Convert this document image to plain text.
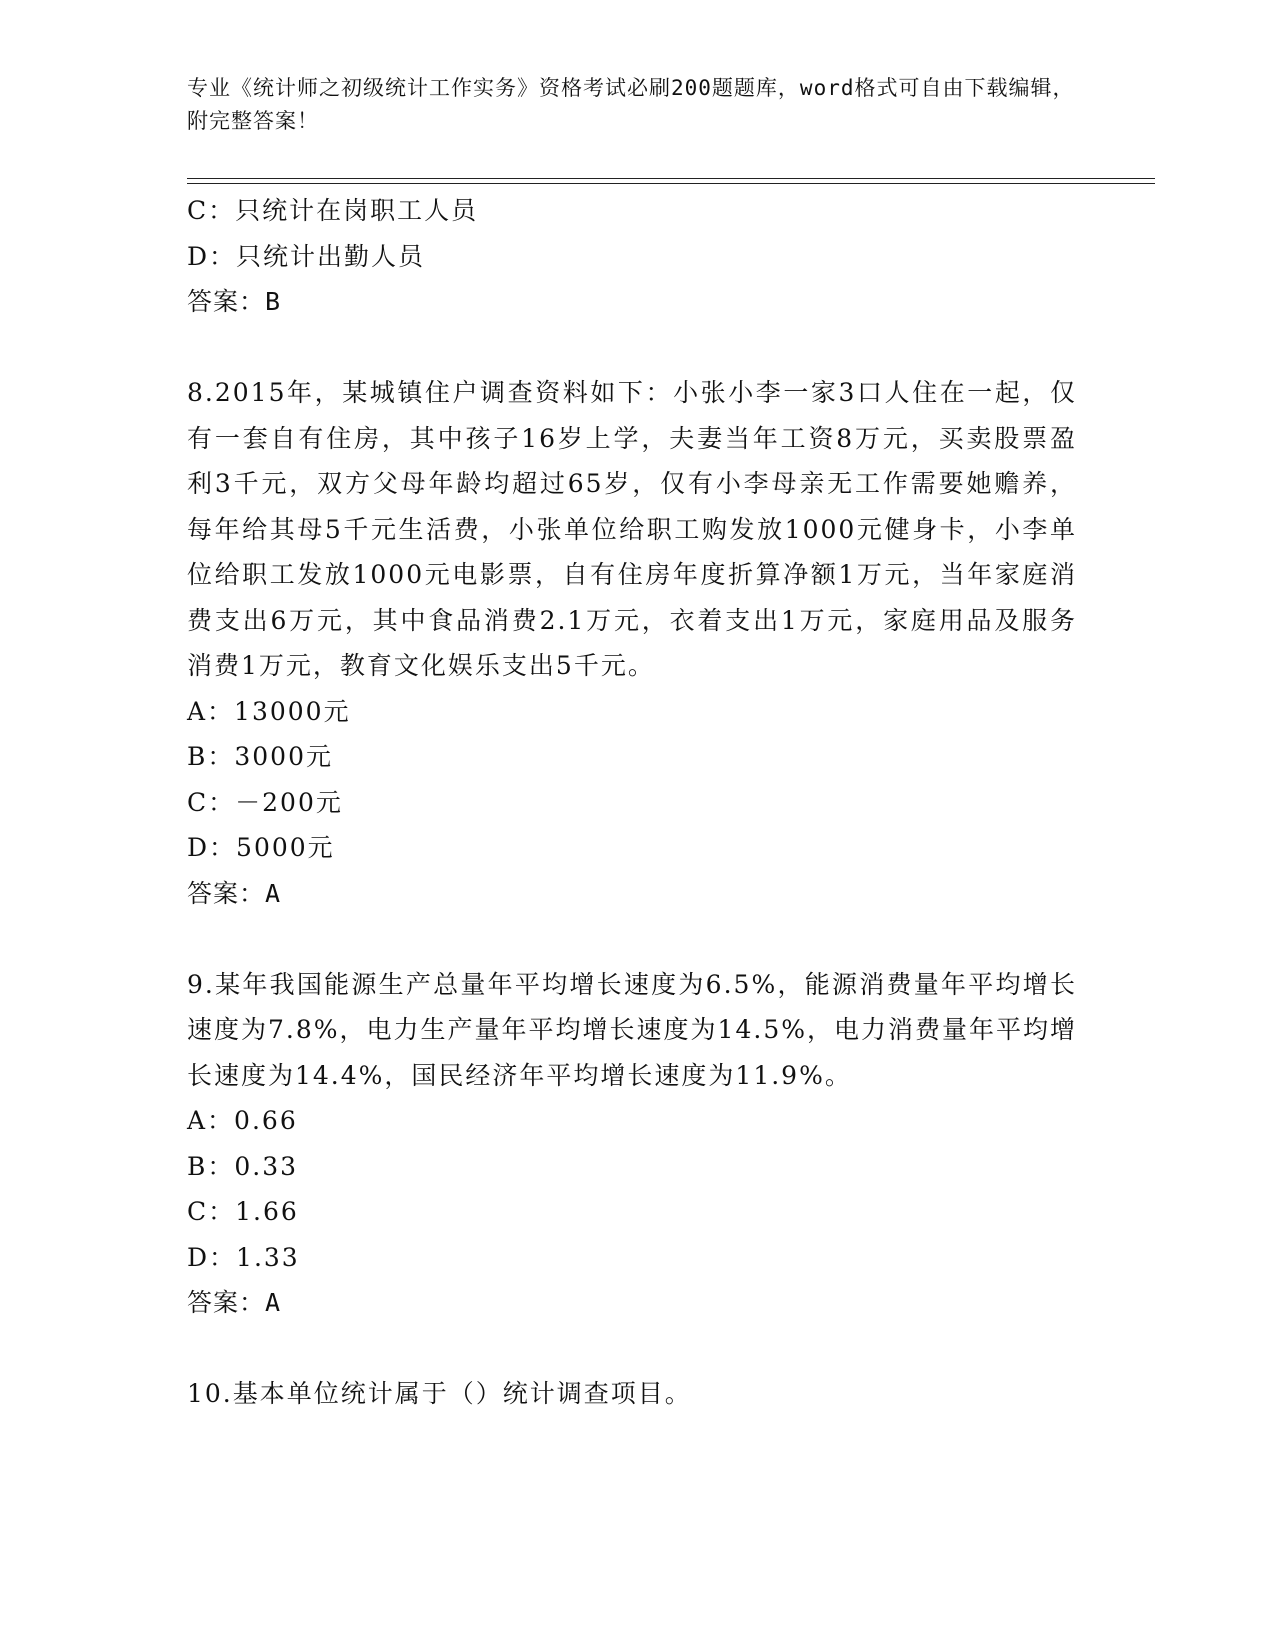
专业《统计师之初级统计工作实务》资格考试必刷200题题库，word格式可自由下载编辑，附完整答案！
C：只统计在岗职工人员
D：只统计出勤人员
答案：B
8.2015年，某城镇住户调查资料如下：小张小李一家3口人住在一起，仅有一套自有住房，其中孩子16岁上学，夫妻当年工资8万元，买卖股票盈利3千元，双方父母年龄均超过65岁，仅有小李母亲无工作需要她赡养，每年给其母5千元生活费，小张单位给职工购发放1000元健身卡，小李单位给职工发放1000元电影票，自有住房年度折算净额1万元，当年家庭消费支出6万元，其中食品消费2.1万元，衣着支出1万元，家庭用品及服务消费1万元，教育文化娱乐支出5千元。
A：13000元
B：3000元
C：－200元
D：5000元
答案：A
9.某年我国能源生产总量年平均增长速度为6.5%，能源消费量年平均增长速度为7.8%，电力生产量年平均增长速度为14.5%，电力消费量年平均增长速度为14.4%，国民经济年平均增长速度为11.9%。
A：0.66
B：0.33
C：1.66
D：1.33
答案：A
10.基本单位统计属于（）统计调查项目。
